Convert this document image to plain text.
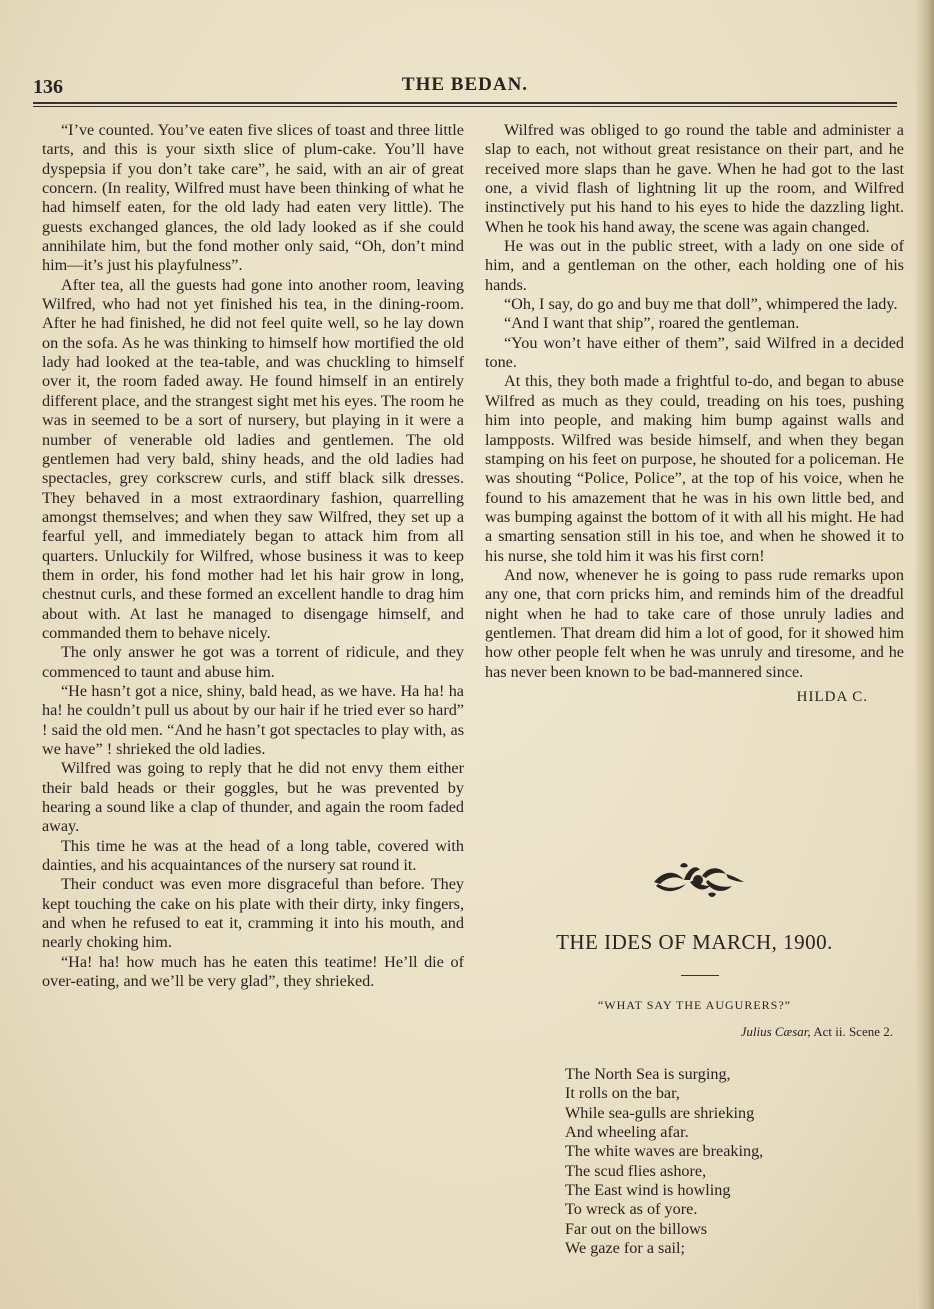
136	THE BEDAN.

“I’ve counted. You’ve eaten five slices of toast and three little tarts, and this is your sixth slice of plum-cake. You’ll have dyspepsia if you don’t take care”, he said, with an air of great concern. (In reality, Wilfred must have been thinking of what he had himself eaten, for the old lady had eaten very little). The guests exchanged glances, the old lady looked as if she could annihilate him, but the fond mother only said, “Oh, don’t mind him—it’s just his playfulness”.

After tea, all the guests had gone into another room, leaving Wilfred, who had not yet finished his tea, in the dining-room. After he had finished, he did not feel quite well, so he lay down on the sofa. As he was thinking to himself how mortified the old lady had looked at the tea-table, and was chuckling to himself over it, the room faded away. He found himself in an entirely different place, and the strangest sight met his eyes. The room he was in seemed to be a sort of nursery, but playing in it were a number of venerable old ladies and gentlemen. The old gentlemen had very bald, shiny heads, and the old ladies had spectacles, grey corkscrew curls, and stiff black silk dresses. They behaved in a most extraordinary fashion, quarrelling amongst themselves; and when they saw Wilfred, they set up a fearful yell, and immediately began to attack him from all quarters. Unluckily for Wilfred, whose business it was to keep them in order, his fond mother had let his hair grow in long, chestnut curls, and these formed an excellent handle to drag him about with. At last he managed to disengage himself, and commanded them to behave nicely.

The only answer he got was a torrent of ridicule, and they commenced to taunt and abuse him.

“He hasn’t got a nice, shiny, bald head, as we have. Ha ha! ha ha! he couldn’t pull us about by our hair if he tried ever so hard” ! said the old men. “And he hasn’t got spectacles to play with, as we have” ! shrieked the old ladies.

Wilfred was going to reply that he did not envy them either their bald heads or their goggles, but he was prevented by hearing a sound like a clap of thunder, and again the room faded away.

This time he was at the head of a long table, covered with dainties, and his acquaintances of the nursery sat round it.

Their conduct was even more disgraceful than before. They kept touching the cake on his plate with their dirty, inky fingers, and when he refused to eat it, cramming it into his mouth, and nearly choking him.

“Ha! ha! how much has he eaten this teatime! He’ll die of over-eating, and we’ll be very glad”, they shrieked.

Wilfred was obliged to go round the table and administer a slap to each, not without great resistance on their part, and he received more slaps than he gave. When he had got to the last one, a vivid flash of lightning lit up the room, and Wilfred instinctively put his hand to his eyes to hide the dazzling light. When he took his hand away, the scene was again changed.

He was out in the public street, with a lady on one side of him, and a gentleman on the other, each holding one of his hands.

“Oh, I say, do go and buy me that doll”, whimpered the lady.

“And I want that ship”, roared the gentleman.

“You won’t have either of them”, said Wilfred in a decided tone.

At this, they both made a frightful to-do, and began to abuse Wilfred as much as they could, treading on his toes, pushing him into people, and making him bump against walls and lampposts. Wilfred was beside himself, and when they began stamping on his feet on purpose, he shouted for a policeman. He was shouting “Police, Police”, at the top of his voice, when he found to his amazement that he was in his own little bed, and was bumping against the bottom of it with all his might. He had a smarting sensation still in his toe, and when he showed it to his nurse, she told him it was his first corn!

And now, whenever he is going to pass rude remarks upon any one, that corn pricks him, and reminds him of the dreadful night when he had to take care of those unruly ladies and gentlemen. That dream did him a lot of good, for it showed him how other people felt when he was unruly and tiresome, and he has never been known to be bad-mannered since.

HILDA C.
THE IDES OF MARCH, 1900.
“WHAT SAY THE AUGURERS?”
Julius Cæsar, Act ii. Scene 2.
The North Sea is surging,
It rolls on the bar,
While sea-gulls are shrieking
And wheeling afar.
The white waves are breaking,
The scud flies ashore,
The East wind is howling
To wreck as of yore.
Far out on the billows
We gaze for a sail;
